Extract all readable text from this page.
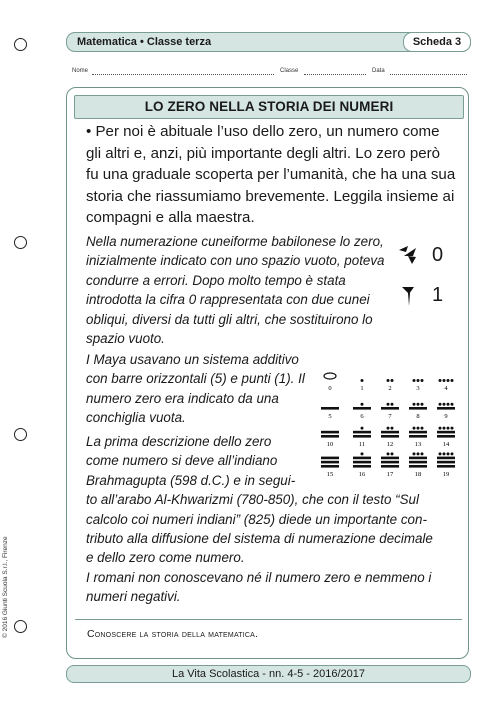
Matematica • Classe terza	Scheda 3
Nome	Classe	Data
LO ZERO NELLA STORIA DEI NUMERI
• Per noi è abituale l’uso dello zero, un numero come gli altri e, anzi, più importante degli altri. Lo zero però fu una graduale scoperta per l’umanità, che ha una sua storia che riassumiamo brevemente. Leggila insieme ai compagni e alla maestra.
Nella numerazione cuneiforme babilonese lo zero, inizialmente indicato con uno spazio vuoto, poteva condurre a errori. Dopo molto tempo è stata introdotta la cifra 0 rappresentata con due cunei obliqui, diversi da tutti gli altri, che sostituirono lo spazio vuoto.
0
1
I Maya usavano un sistema additivo con barre orizzontali (5) e punti (1). Il numero zero era indicato da una conchiglia vuota.
0	1	2	3	4
5	6	7	8	9
10	11	12	13	14
15	16	17	18	19
La prima descrizione dello zero
come numero si deve all’indiano
Brahmagupta (598 d.C.) e in segui-
to all’arabo Al-Khwarizmi (780-850), che con il testo “Sul
calcolo coi numeri indiani” (825) diede un importante con-
tributo alla diffusione del sistema di numerazione decimale
e dello zero come numero.
I romani non conoscevano né il numero zero e nemmeno i
numeri negativi.
Conoscere la storia della matematica.
La Vita Scolastica - nn. 4-5 - 2016/2017
© 2016 Giunti Scuola S.r.l., Firenze
